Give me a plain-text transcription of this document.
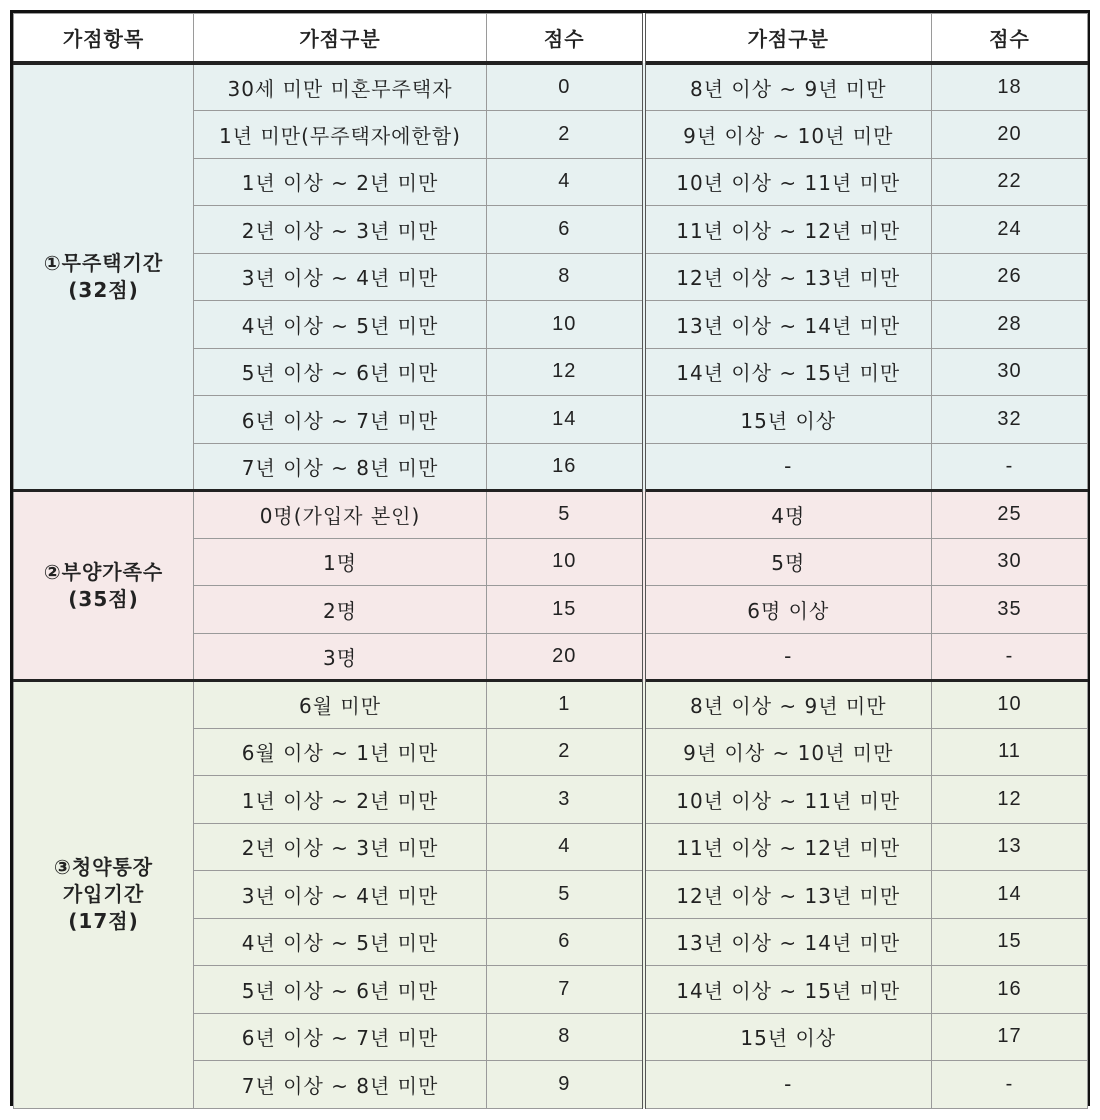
가점항목	가점구분	점수	가점구분	점수

①무주택기간
(32점)	30세 미만 미혼무주택자	0	8년 이상 ~ 9년 미만	18
	1년 미만(무주택자에한함)	2	9년 이상 ~ 10년 미만	20
	1년 이상 ~ 2년 미만	4	10년 이상 ~ 11년 미만	22
	2년 이상 ~ 3년 미만	6	11년 이상 ~ 12년 미만	24
	3년 이상 ~ 4년 미만	8	12년 이상 ~ 13년 미만	26
	4년 이상 ~ 5년 미만	10	13년 이상 ~ 14년 미만	28
	5년 이상 ~ 6년 미만	12	14년 이상 ~ 15년 미만	30
	6년 이상 ~ 7년 미만	14	15년 이상	32
	7년 이상 ~ 8년 미만	16	-	-

②부양가족수
(35점)	0명(가입자 본인)	5	4명	25
	1명	10	5명	30
	2명	15	6명 이상	35
	3명	20	-	-

③청약통장
가입기간
(17점)	6월 미만	1	8년 이상 ~ 9년 미만	10
	6월 이상 ~ 1년 미만	2	9년 이상 ~ 10년 미만	11
	1년 이상 ~ 2년 미만	3	10년 이상 ~ 11년 미만	12
	2년 이상 ~ 3년 미만	4	11년 이상 ~ 12년 미만	13
	3년 이상 ~ 4년 미만	5	12년 이상 ~ 13년 미만	14
	4년 이상 ~ 5년 미만	6	13년 이상 ~ 14년 미만	15
	5년 이상 ~ 6년 미만	7	14년 이상 ~ 15년 미만	16
	6년 이상 ~ 7년 미만	8	15년 이상	17
	7년 이상 ~ 8년 미만	9	-	-
